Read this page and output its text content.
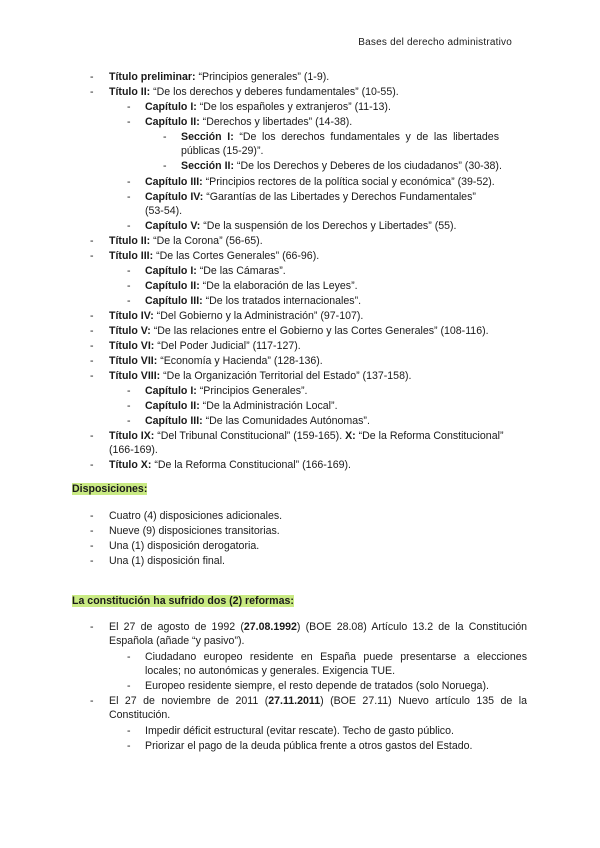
Bases del derecho administrativo
- Título preliminar: “Principios generales” (1-9).
- Título II: “De los derechos y deberes fundamentales” (10-55).
- Capítulo I: “De los españoles y extranjeros” (11-13).
- Capítulo II: “Derechos y libertades” (14-38).
- Sección I: “De los derechos fundamentales y de las libertades
públicas (15-29)”.
- Sección II: “De los Derechos y Deberes de los ciudadanos” (30-38).
- Capítulo III: “Principios rectores de la política social y económica” (39-52).
- Capítulo IV: “Garantías de las Libertades y Derechos Fundamentales”
(53-54).
- Capítulo V: “De la suspensión de los Derechos y Libertades” (55).
- Título II: “De la Corona” (56-65).
- Título III: “De las Cortes Generales” (66-96).
- Capítulo I: “De las Cámaras”.
- Capítulo II: “De la elaboración de las Leyes”.
- Capítulo III: “De los tratados internacionales”.
- Título IV: “Del Gobierno y la Administración” (97-107).
- Título V: “De las relaciones entre el Gobierno y las Cortes Generales” (108-116).
- Título VI: “Del Poder Judicial” (117-127).
- Título VII: “Economía y Hacienda” (128-136).
- Título VIII: “De la Organización Territorial del Estado” (137-158).
- Capítulo I: “Principios Generales”.
- Capítulo II: “De la Administración Local”.
- Capítulo III: “De las Comunidades Autónomas”.
- Título IX: “Del Tribunal Constitucional” (159-165). X: “De la Reforma Constitucional”
(166-169).
- Título X: “De la Reforma Constitucional” (166-169).
Disposiciones:
- Cuatro (4) disposiciones adicionales.
- Nueve (9) disposiciones transitorias.
- Una (1) disposición derogatoria.
- Una (1) disposición final.
La constitución ha sufrido dos (2) reformas:
- El 27 de agosto de 1992 (27.08.1992) (BOE 28.08) Artículo 13.2 de la Constitución
Española (añade “y pasivo”).
- Ciudadano europeo residente en España puede presentarse a elecciones
locales; no autonómicas y generales. Exigencia TUE.
- Europeo residente siempre, el resto depende de tratados (solo Noruega).
- El 27 de noviembre de 2011 (27.11.2011) (BOE 27.11) Nuevo artículo 135 de la
Constitución.
- Impedir déficit estructural (evitar rescate). Techo de gasto público.
- Priorizar el pago de la deuda pública frente a otros gastos del Estado.
